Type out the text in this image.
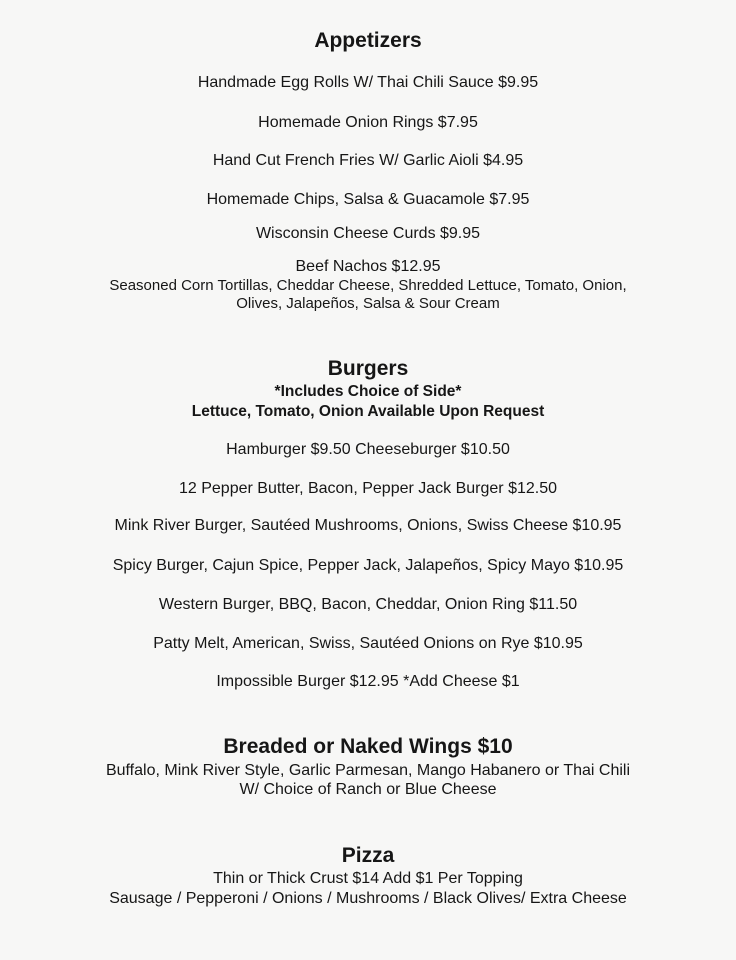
Appetizers
Handmade Egg Rolls W/ Thai Chili Sauce $9.95
Homemade Onion Rings $7.95
Hand Cut French Fries W/ Garlic Aioli $4.95
Homemade Chips, Salsa & Guacamole $7.95
Wisconsin Cheese Curds $9.95
Beef Nachos $12.95
Seasoned Corn Tortillas, Cheddar Cheese, Shredded Lettuce, Tomato, Onion,
Olives, Jalapeños, Salsa & Sour Cream
Burgers
*Includes Choice of Side*
Lettuce, Tomato, Onion Available Upon Request
Hamburger $9.50 Cheeseburger $10.50
12 Pepper Butter, Bacon, Pepper Jack Burger $12.50
Mink River Burger, Sautéed Mushrooms, Onions, Swiss Cheese $10.95
Spicy Burger, Cajun Spice, Pepper Jack, Jalapeños, Spicy Mayo $10.95
Western Burger, BBQ, Bacon, Cheddar, Onion Ring $11.50
Patty Melt, American, Swiss, Sautéed Onions on Rye $10.95
Impossible Burger $12.95 *Add Cheese $1
Breaded or Naked Wings $10
Buffalo, Mink River Style, Garlic Parmesan, Mango Habanero or Thai Chili
W/ Choice of Ranch or Blue Cheese
Pizza
Thin or Thick Crust $14 Add $1 Per Topping
Sausage / Pepperoni / Onions / Mushrooms / Black Olives/ Extra Cheese
